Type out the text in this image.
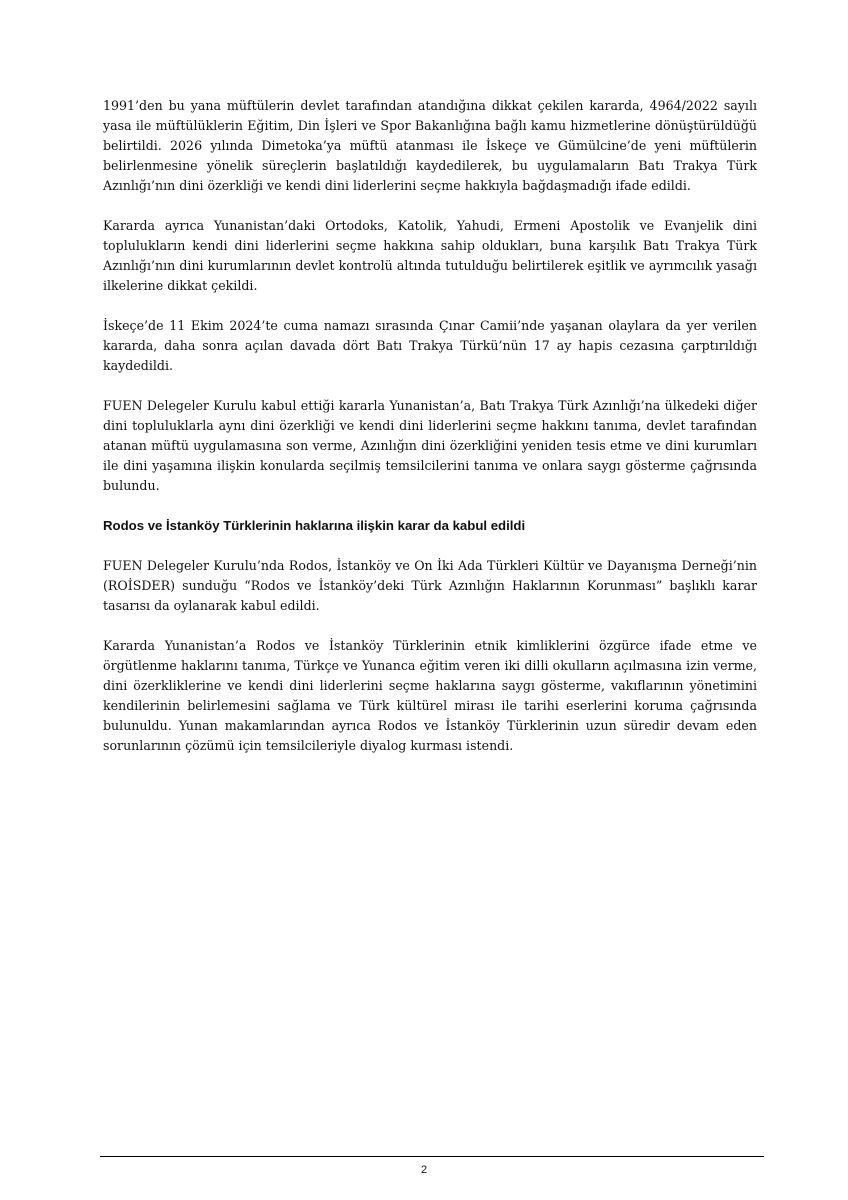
1991’den bu yana müftülerin devlet tarafından atandığına dikkat çekilen kararda, 4964/2022 sayılı yasa ile müftülüklerin Eğitim, Din İşleri ve Spor Bakanlığına bağlı kamu hizmetlerine dönüştürüldüğü belirtildi. 2026 yılında Dimetoka’ya müftü atanması ile İskeçe ve Gümülcine’de yeni müftülerin belirlenmesine yönelik süreçlerin başlatıldığı kaydedilerek, bu uygulamaların Batı Trakya Türk Azınlığı’nın dini özerkliği ve kendi dini liderlerini seçme hakkıyla bağdaşmadığı ifade edildi.

Kararda ayrıca Yunanistan’daki Ortodoks, Katolik, Yahudi, Ermeni Apostolik ve Evanjelik dini toplulukların kendi dini liderlerini seçme hakkına sahip oldukları, buna karşılık Batı Trakya Türk Azınlığı’nın dini kurumlarının devlet kontrolü altında tutulduğu belirtilerek eşitlik ve ayrımcılık yasağı ilkelerine dikkat çekildi.

İskeçe’de 11 Ekim 2024’te cuma namazı sırasında Çınar Camii’nde yaşanan olaylara da yer verilen kararda, daha sonra açılan davada dört Batı Trakya Türkü’nün 17 ay hapis cezasına çarptırıldığı kaydedildi.

FUEN Delegeler Kurulu kabul ettiği kararla Yunanistan’a, Batı Trakya Türk Azınlığı’na ülkedeki diğer dini topluluklarla aynı dini özerkliği ve kendi dini liderlerini seçme hakkını tanıma, devlet tarafından atanan müftü uygulamasına son verme, Azınlığın dini özerkliğini yeniden tesis etme ve dini kurumları ile dini yaşamına ilişkin konularda seçilmiş temsilcilerini tanıma ve onlara saygı gösterme çağrısında bulundu.

Rodos ve İstanköy Türklerinin haklarına ilişkin karar da kabul edildi

FUEN Delegeler Kurulu’nda Rodos, İstanköy ve On İki Ada Türkleri Kültür ve Dayanışma Derneği’nin (ROİSDER) sunduğu “Rodos ve İstanköy’deki Türk Azınlığın Haklarının Korunması” başlıklı karar tasarısı da oylanarak kabul edildi.

Kararda Yunanistan’a Rodos ve İstanköy Türklerinin etnik kimliklerini özgürce ifade etme ve örgütlenme haklarını tanıma, Türkçe ve Yunanca eğitim veren iki dilli okulların açılmasına izin verme, dini özerkliklerine ve kendi dini liderlerini seçme haklarına saygı gösterme, vakıflarının yönetimini kendilerinin belirlemesini sağlama ve Türk kültürel mirası ile tarihi eserlerini koruma çağrısında bulunuldu. Yunan makamlarından ayrıca Rodos ve İstanköy Türklerinin uzun süredir devam eden sorunlarının çözümü için temsilcileriyle diyalog kurması istendi.

2
